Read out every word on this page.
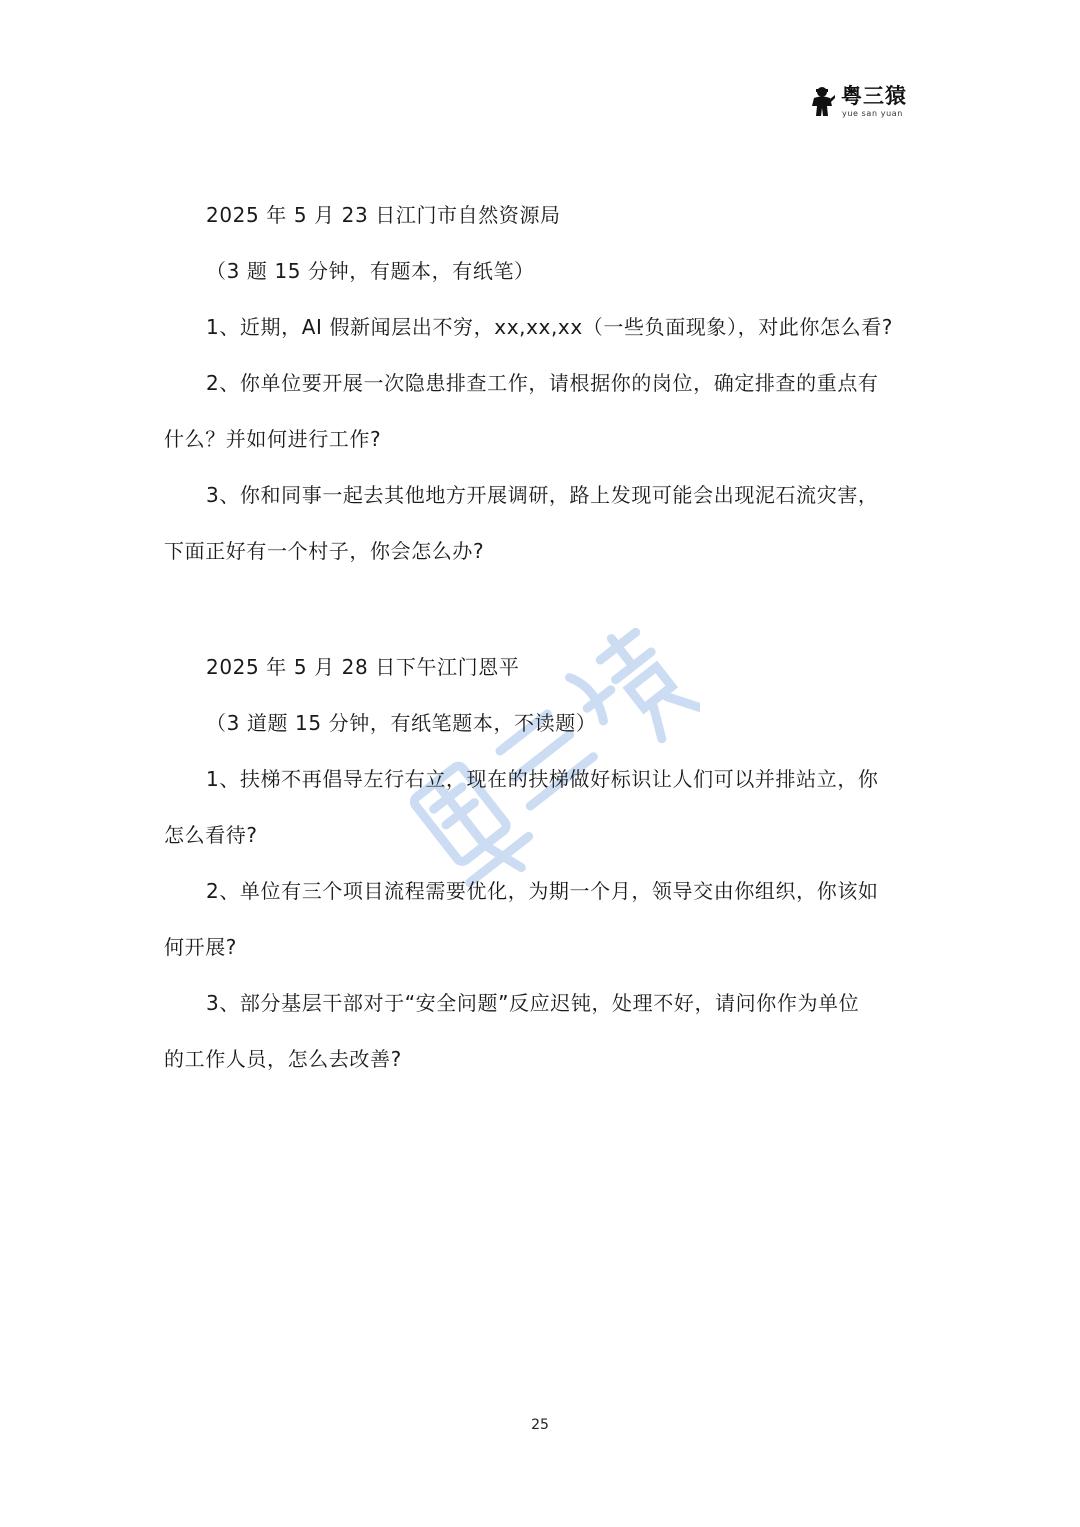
粤三猿
yue san yuan
2025 年 5 月 23 日江门市自然资源局
（3 题 15 分钟，有题本，有纸笔）
1、近期，AI 假新闻层出不穷，xx,xx,xx（一些负面现象），对此你怎么看?
2、你单位要开展一次隐患排查工作，请根据你的岗位，确定排查的重点有
什么？并如何进行工作?
3、你和同事一起去其他地方开展调研，路上发现可能会出现泥石流灾害，
下面正好有一个村子，你会怎么办?
2025 年 5 月 28 日下午江门恩平
（3 道题 15 分钟，有纸笔题本，不读题）
1、扶梯不再倡导左行右立，现在的扶梯做好标识让人们可以并排站立，你
怎么看待?
2、单位有三个项目流程需要优化，为期一个月，领导交由你组织，你该如
何开展?
3、部分基层干部对于“安全问题”反应迟钝，处理不好，请问你作为单位
的工作人员，怎么去改善?
25
